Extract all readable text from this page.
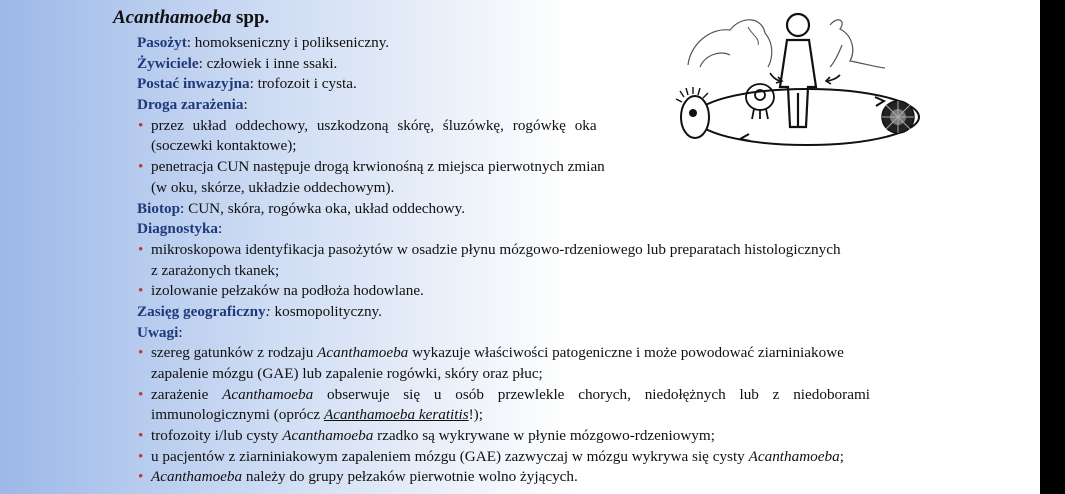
Acanthamoeba spp.
Pasożyt: homokseniczny i polikseniczny.
Żywiciele: człowiek i inne ssaki.
Postać inwazyjna: trofozoit i cysta.
Droga zarażenia:
• przez układ oddechowy, uszkodzoną skórę, śluzówkę, rogówkę oka
(soczewki kontaktowe);
• penetracja CUN następuje drogą krwionośną z miejsca pierwotnych zmian
(w oku, skórze, układzie oddechowym).
Biotop: CUN, skóra, rogówka oka, układ oddechowy.
Diagnostyka:
• mikroskopowa identyfikacja pasożytów w osadzie płynu mózgowo-rdzeniowego lub preparatach histologicznych
z zarażonych tkanek;
• izolowanie pełzaków na podłoża hodowlane.
Zasięg geograficzny: kosmopolityczny.
Uwagi:
• szereg gatunków z rodzaju Acanthamoeba wykazuje właściwości patogeniczne i może powodować ziarniniakowe
zapalenie mózgu (GAE) lub zapalenie rogówki, skóry oraz płuc;
• zarażenie Acanthamoeba obserwuje się u osób przewlekle chorych, niedołężnych lub z niedoborami
immunologicznymi (oprócz Acanthamoeba keratitis!);
• trofozoity i/lub cysty Acanthamoeba rzadko są wykrywane w płynie mózgowo-rdzeniowym;
• u pacjentów z ziarniniakowym zapaleniem mózgu (GAE) zazwyczaj w mózgu wykrywa się cysty Acanthamoeba;
• Acanthamoeba należy do grupy pełzaków pierwotnie wolno żyjących.
